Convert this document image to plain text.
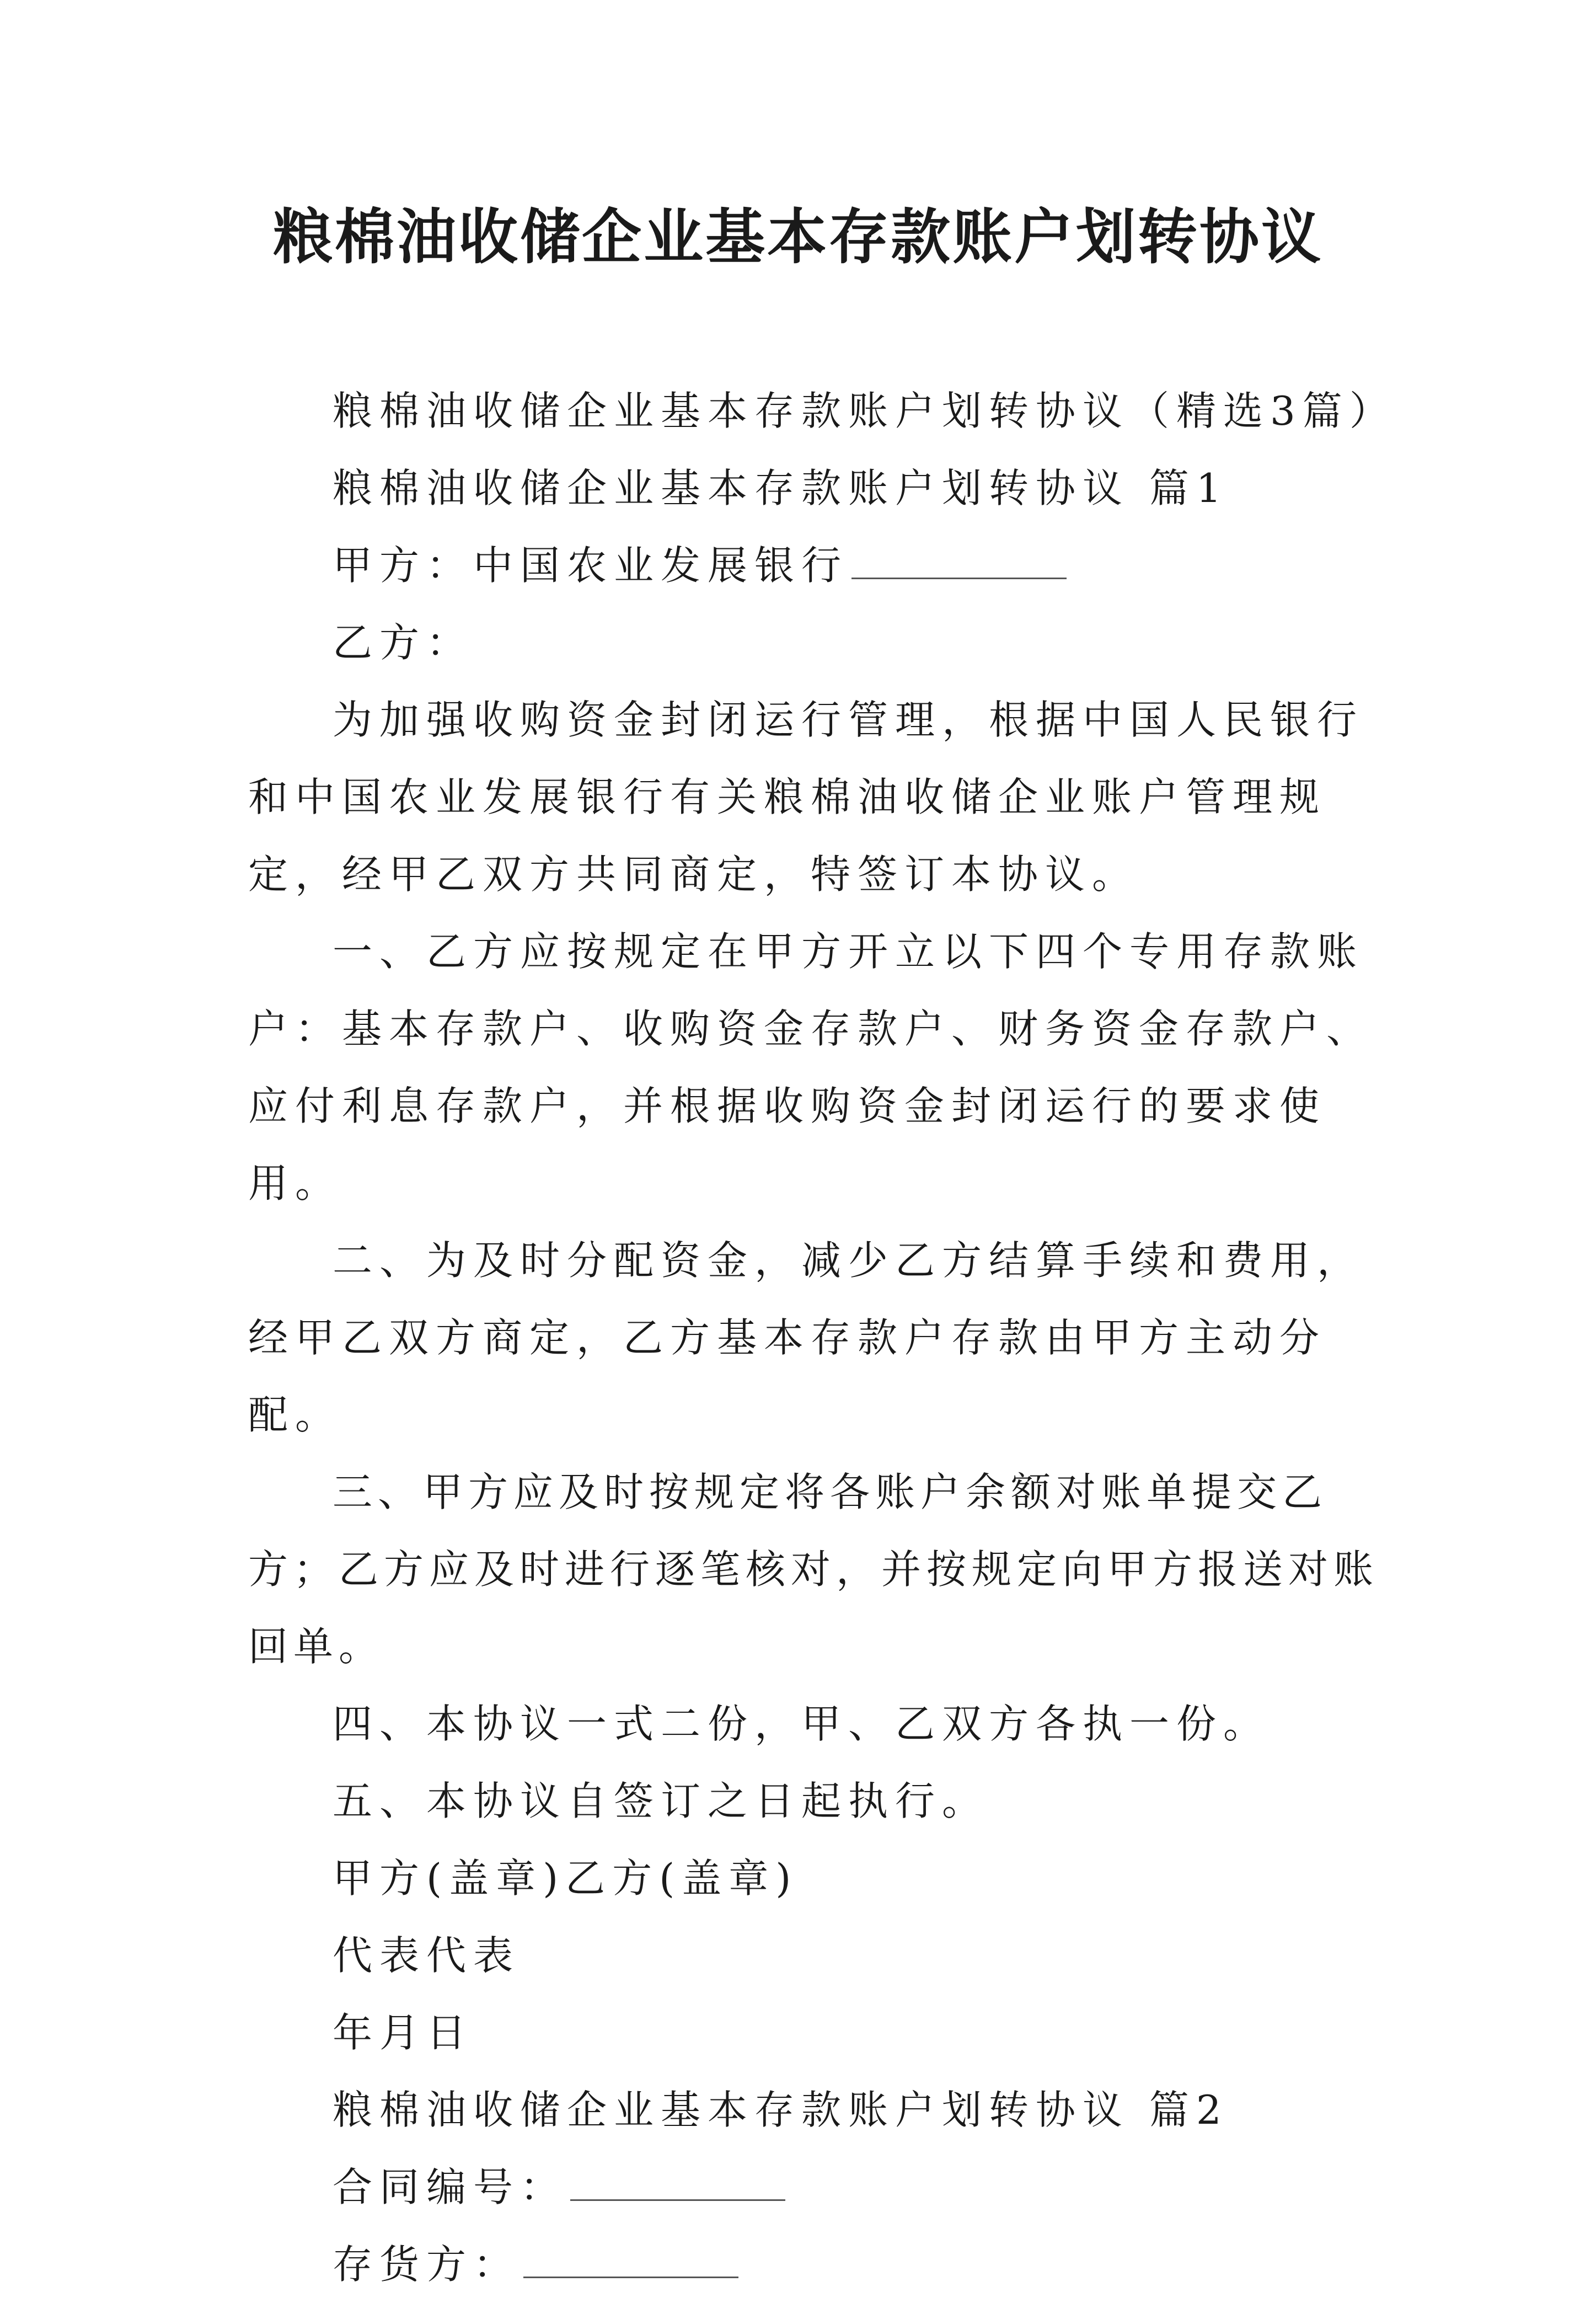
粮棉油收储企业基本存款账户划转协议

粮棉油收储企业基本存款账户划转协议（精选3篇）

粮棉油收储企业基本存款账户划转协议 篇1

甲方：中国农业发展银行

乙方：

为加强收购资金封闭运行管理，根据中国人民银行和中国农业发展银行有关粮棉油收储企业账户管理规定，经甲乙双方共同商定，特签订本协议。

一、乙方应按规定在甲方开立以下四个专用存款账户：基本存款户、收购资金存款户、财务资金存款户、应付利息存款户，并根据收购资金封闭运行的要求使用。

二、为及时分配资金，减少乙方结算手续和费用，经甲乙双方商定，乙方基本存款户存款由甲方主动分配。

三、甲方应及时按规定将各账户余额对账单提交乙方；乙方应及时进行逐笔核对，并按规定向甲方报送对账回单。

四、本协议一式二份，甲、乙双方各执一份。

五、本协议自签订之日起执行。

甲方(盖章)乙方(盖章)

代表代表

年月日

粮棉油收储企业基本存款账户划转协议 篇2

合同编号：

存货方：
